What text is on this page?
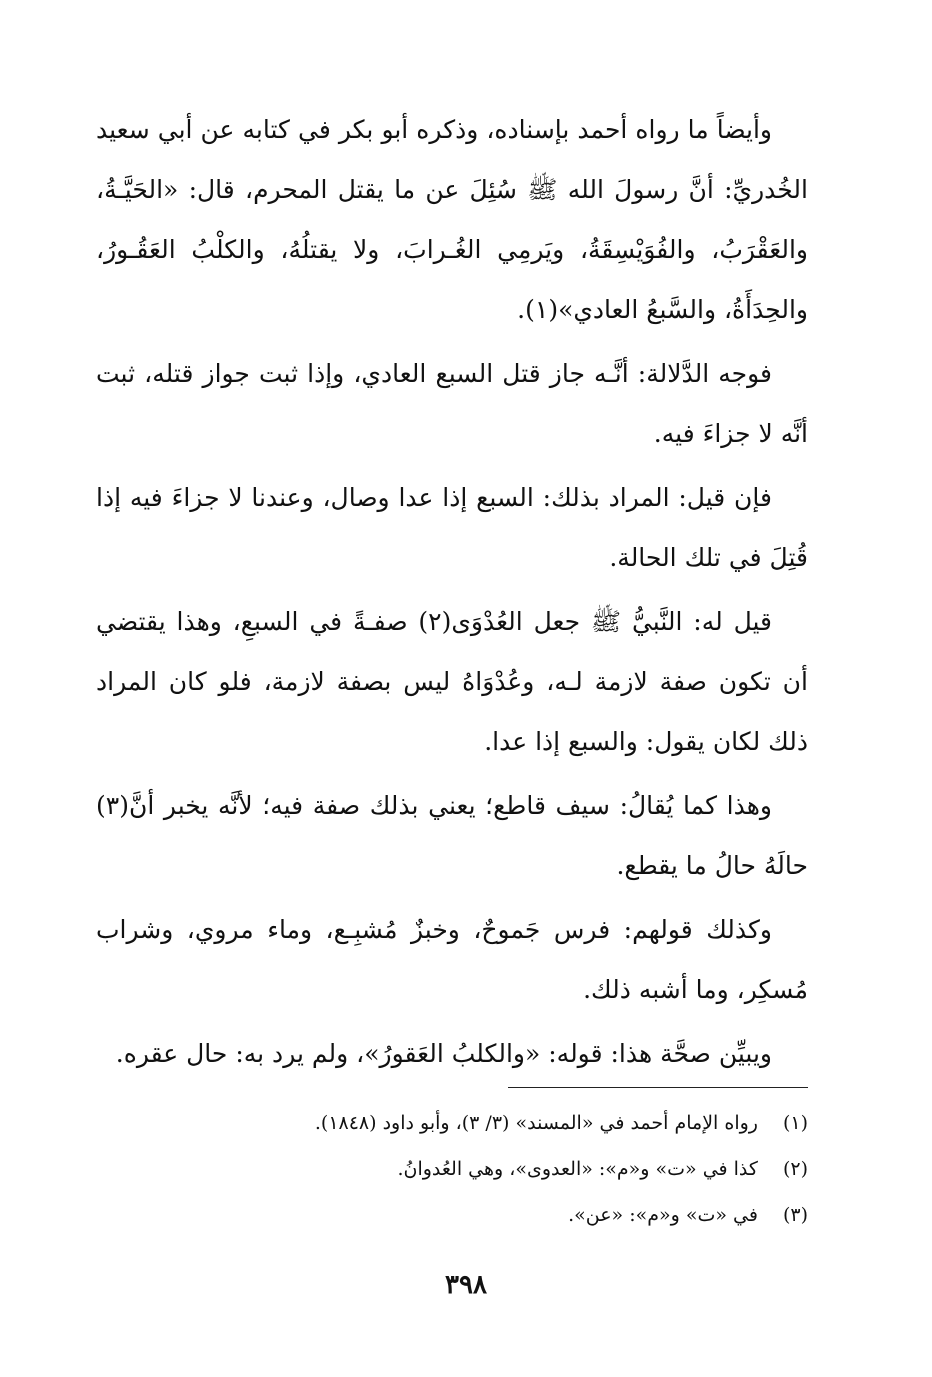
وأيضاً ما رواه أحمد بإسناده، وذكره أبو بكر في كتابه عن أبي سعيد الخُدريِّ: أنَّ رسولَ الله ﷺ سُئِلَ عن ما يقتل المحرم، قال: «الحَيَّـةُ، والعَقْرَبُ، والفُوَيْسِقَةُ، ويَرمِي الغُـرابَ، ولا يقتلُهُ، والكلْبُ العَقُـورُ، والحِدَأَةُ، والسَّبعُ العادي»(١).

فوجه الدَّلالة: أنَّـه جاز قتل السبع العادي، وإذا ثبت جواز قتله، ثبت أنَّه لا جزاءَ فيه.

فإن قيل: المراد بذلك: السبع إذا عدا وصال، وعندنا لا جزاءَ فيه إذا قُتِلَ في تلك الحالة.

قيل له: النَّبيُّ ﷺ جعل العُدْوَى(٢) صفـةً في السبعِ، وهذا يقتضي أن تكون صفة لازمة لـه، وعُدْوَاهُ ليس بصفة لازمة، فلو كان المراد ذلك لكان يقول: والسبع إذا عدا.

وهذا كما يُقالُ: سيف قاطع؛ يعني بذلك صفة فيه؛ لأنَّه يخبر أنَّ(٣) حالَهُ حالُ ما يقطع.

وكذلك قولهم: فرس جَموحٌ، وخبزٌ مُشبِـع، وماء مروي، وشراب مُسكِر، وما أشبه ذلك.

ويبيِّن صحَّة هذا: قوله: «والكلبُ العَقورُ»، ولم يرد به: حال عقره.

(١) رواه الإمام أحمد في «المسند» (٣/ ٣)، وأبو داود (١٨٤٨).
(٢) كذا في «ت» و«م»: «العدوى»، وهي العُدوانُ.
(٣) في «ت» و«م»: «عن».
٣٩٨
